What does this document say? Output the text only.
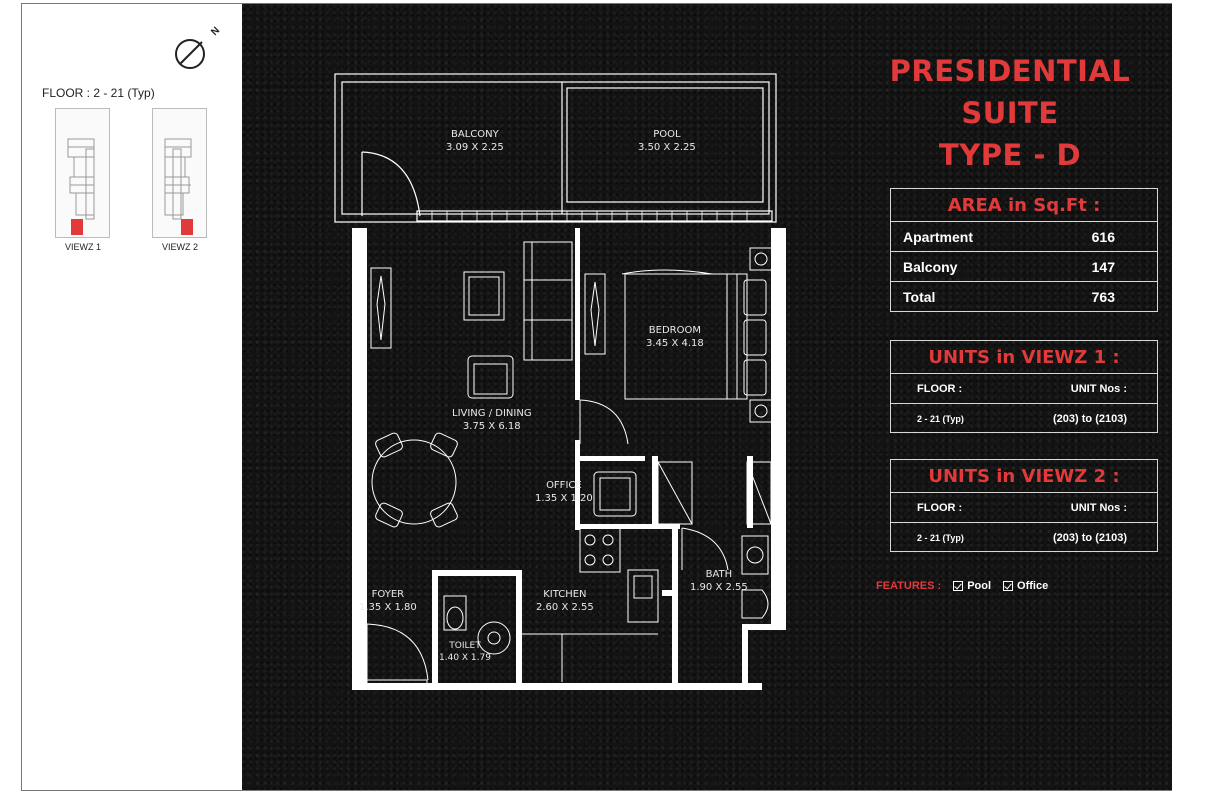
N
FLOOR : 2 - 21 (Typ)
VIEWZ 1	VIEWZ 2
BALCONY
3.09 X 2.25
POOL
3.50 X 2.25
BEDROOM
3.45 X 4.18
LIVING / DINING
3.75 X 6.18
OFFICE
1.35 X 1.20
FOYER
1.35 X 1.80
KITCHEN
2.60 X 2.55
BATH
1.90 X 2.55
TOILET
1.40 X 1.79
PRESIDENTIAL
SUITE
TYPE - D
AREA in Sq.Ft :
Apartment	616
Balcony	147
Total	763
UNITS in VIEWZ 1 :
FLOOR :	UNIT Nos :
2 - 21 (Typ)	(203) to (2103)
UNITS in VIEWZ 2 :
FLOOR :	UNIT Nos :
2 - 21 (Typ)	(203) to (2103)
FEATURES : Pool Office
